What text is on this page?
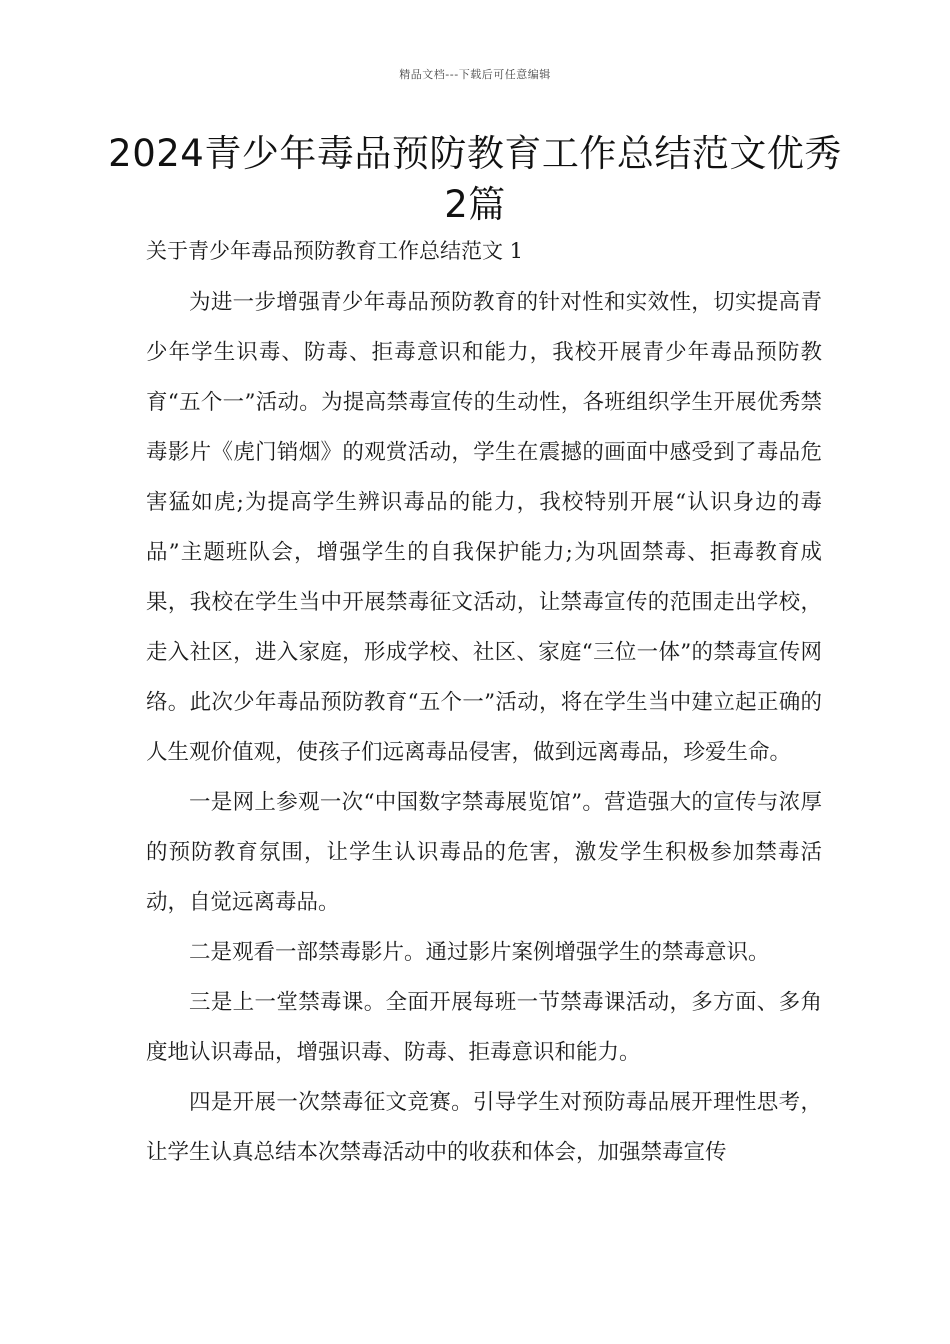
精品文档---下载后可任意编辑
2024青少年毒品预防教育工作总结范文优秀2篇
关于青少年毒品预防教育工作总结范文 1

为进一步增强青少年毒品预防教育的针对性和实效性，切实提高青少年学生识毒、防毒、拒毒意识和能力，我校开展青少年毒品预防教育“五个一”活动。为提高禁毒宣传的生动性，各班组织学生开展优秀禁毒影片《虎门销烟》的观赏活动，学生在震撼的画面中感受到了毒品危害猛如虎;为提高学生辨识毒品的能力，我校特别开展“认识身边的毒品”主题班队会，增强学生的自我保护能力;为巩固禁毒、拒毒教育成果，我校在学生当中开展禁毒征文活动，让禁毒宣传的范围走出学校，走入社区，进入家庭，形成学校、社区、家庭“三位一体”的禁毒宣传网络。此次少年毒品预防教育“五个一”活动，将在学生当中建立起正确的人生观价值观，使孩子们远离毒品侵害，做到远离毒品，珍爱生命。

一是网上参观一次“中国数字禁毒展览馆”。营造强大的宣传与浓厚的预防教育氛围，让学生认识毒品的危害，激发学生积极参加禁毒活动，自觉远离毒品。

二是观看一部禁毒影片。通过影片案例增强学生的禁毒意识。

三是上一堂禁毒课。全面开展每班一节禁毒课活动，多方面、多角度地认识毒品，增强识毒、防毒、拒毒意识和能力。

四是开展一次禁毒征文竞赛。引导学生对预防毒品展开理性思考，让学生认真总结本次禁毒活动中的收获和体会，加强禁毒宣传
